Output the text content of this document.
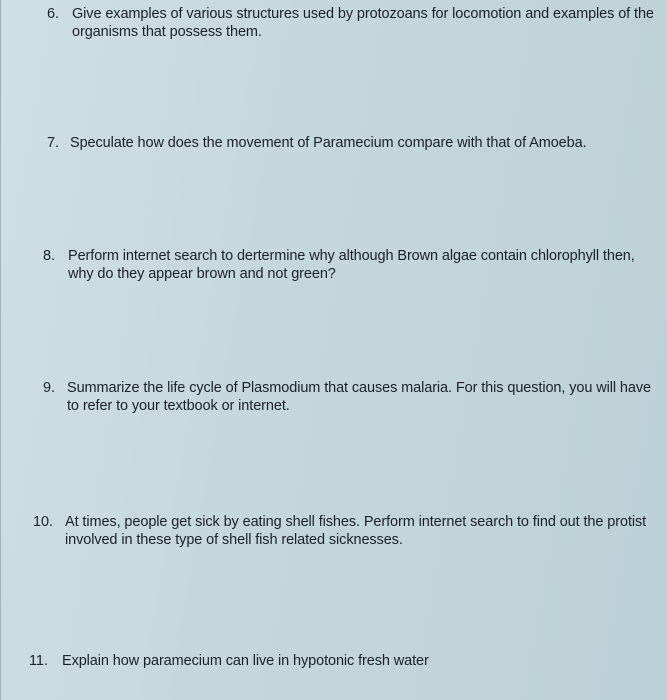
6. Give examples of various structures used by protozoans for locomotion and examples of the organisms that possess them.
7. Speculate how does the movement of Paramecium compare with that of Amoeba.
8. Perform internet search to dertermine why although Brown algae contain chlorophyll then, why do they appear brown and not green?
9. Summarize the life cycle of Plasmodium that causes malaria. For this question, you will have to refer to your textbook or internet.
10. At times, people get sick by eating shell fishes. Perform internet search to find out the protist involved in these type of shell fish related sicknesses.
11. Explain how paramecium can live in hypotonic fresh water
